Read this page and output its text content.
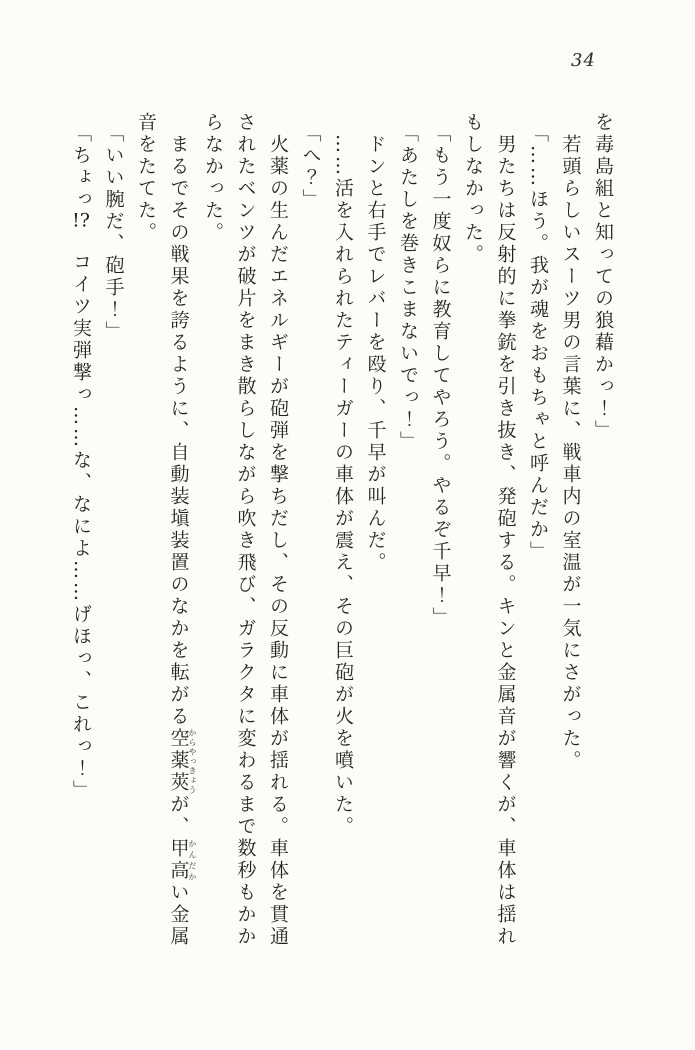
34

を毒島組と知っての狼藉かっ！」

若頭らしいスーツ男の言葉に、戦車内の室温が一気にさがった。

「……ほう。我が魂をおもちゃと呼んだか」

男たちは反射的に拳銃を引き抜き、発砲する。キンと金属音が響くが、車体は揺れ

もしなかった。

「もう一度奴らに教育してやろう。やるぞ千早！」

「あたしを巻きこまないでっ！」

ドンと右手でレバーを殴り、千早が叫んだ。

……活を入れられたティーガーの車体が震え、その巨砲が火を噴いた。

「へ？」

火薬の生んだエネルギーが砲弾を撃ちだし、その反動に車体が揺れる。車体を貫通

されたベンツが破片をまき散らしながら吹き飛び、ガラクタに変わるまで数秒もかか

らなかった。

まるでその戦果を誇るように、自動装塡装置のなかを転がる空薬莢からやっきょうが、甲高かんだかい金属

音をたてた。

「いい腕だ、砲手！」

「ちょっ!?　コイツ実弾撃っ……な、なによ……げほっ、これっ！」
